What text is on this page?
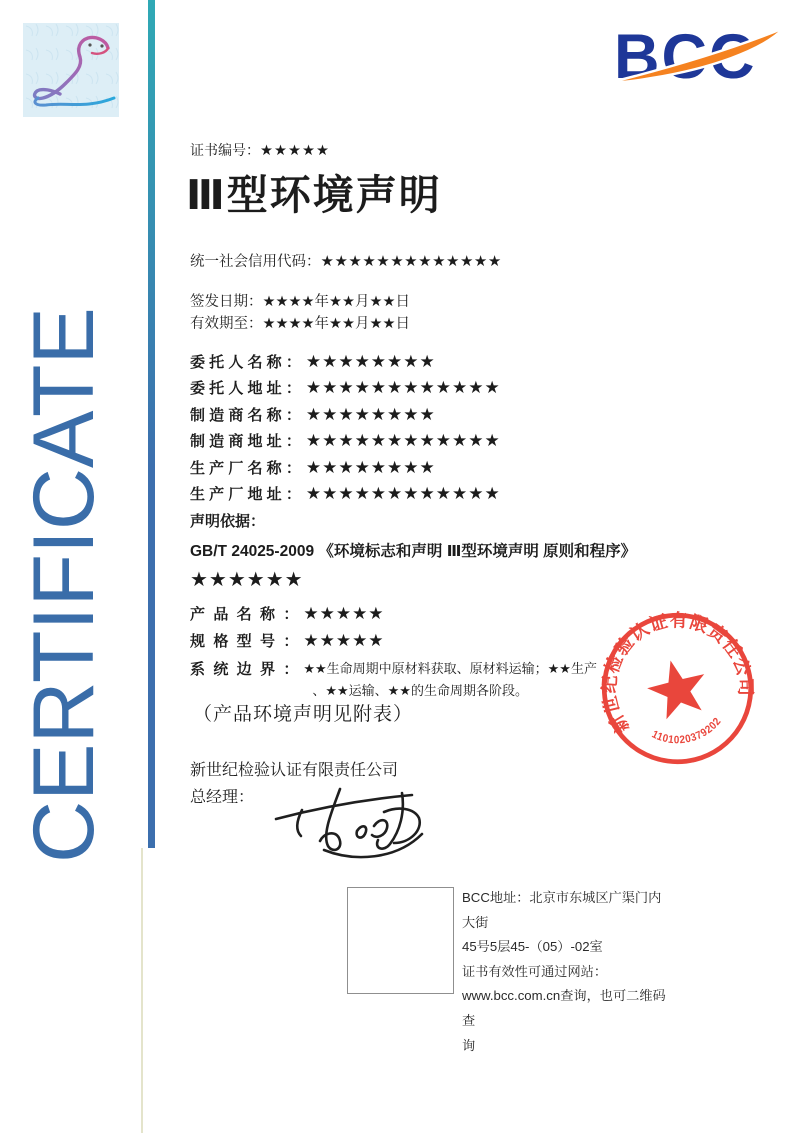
BCC
CERTIFICATE
证书编号：★★★★★
Ⅲ型环境声明
统一社会信用代码：★★★★★★★★★★★★★
签发日期：★★★★年★★月★★日
有效期至：★★★★年★★月★★日
委 托 人 名 称 ： ★★★★★★★★
委 托 人 地 址 ： ★★★★★★★★★★★★
制 造 商 名 称 ： ★★★★★★★★
制 造 商 地 址 ： ★★★★★★★★★★★★
生 产 厂 名 称 ： ★★★★★★★★
生 产 厂 地 址 ： ★★★★★★★★★★★★
声明依据：
GB/T 24025-2009 《环境标志和声明 Ⅲ型环境声明 原则和程序》
★★★★★★
产  品  名  称  ： ★★★★★
规  格  型  号  ： ★★★★★
系  统  边  界  ： ★★生命周期中原材料获取、原材料运输；★★生产
、★★运输、★★的生命周期各阶段。
（产品环境声明见附表）
新世纪检验认证有限责任公司
总经理：
新世纪检验认证有限责任公司
1101020379202
BCC地址：北京市东城区广渠门内大街
45号5层45-（05）-02室
证书有效性可通过网站：
www.bcc.com.cn查询，也可二维码查
询
